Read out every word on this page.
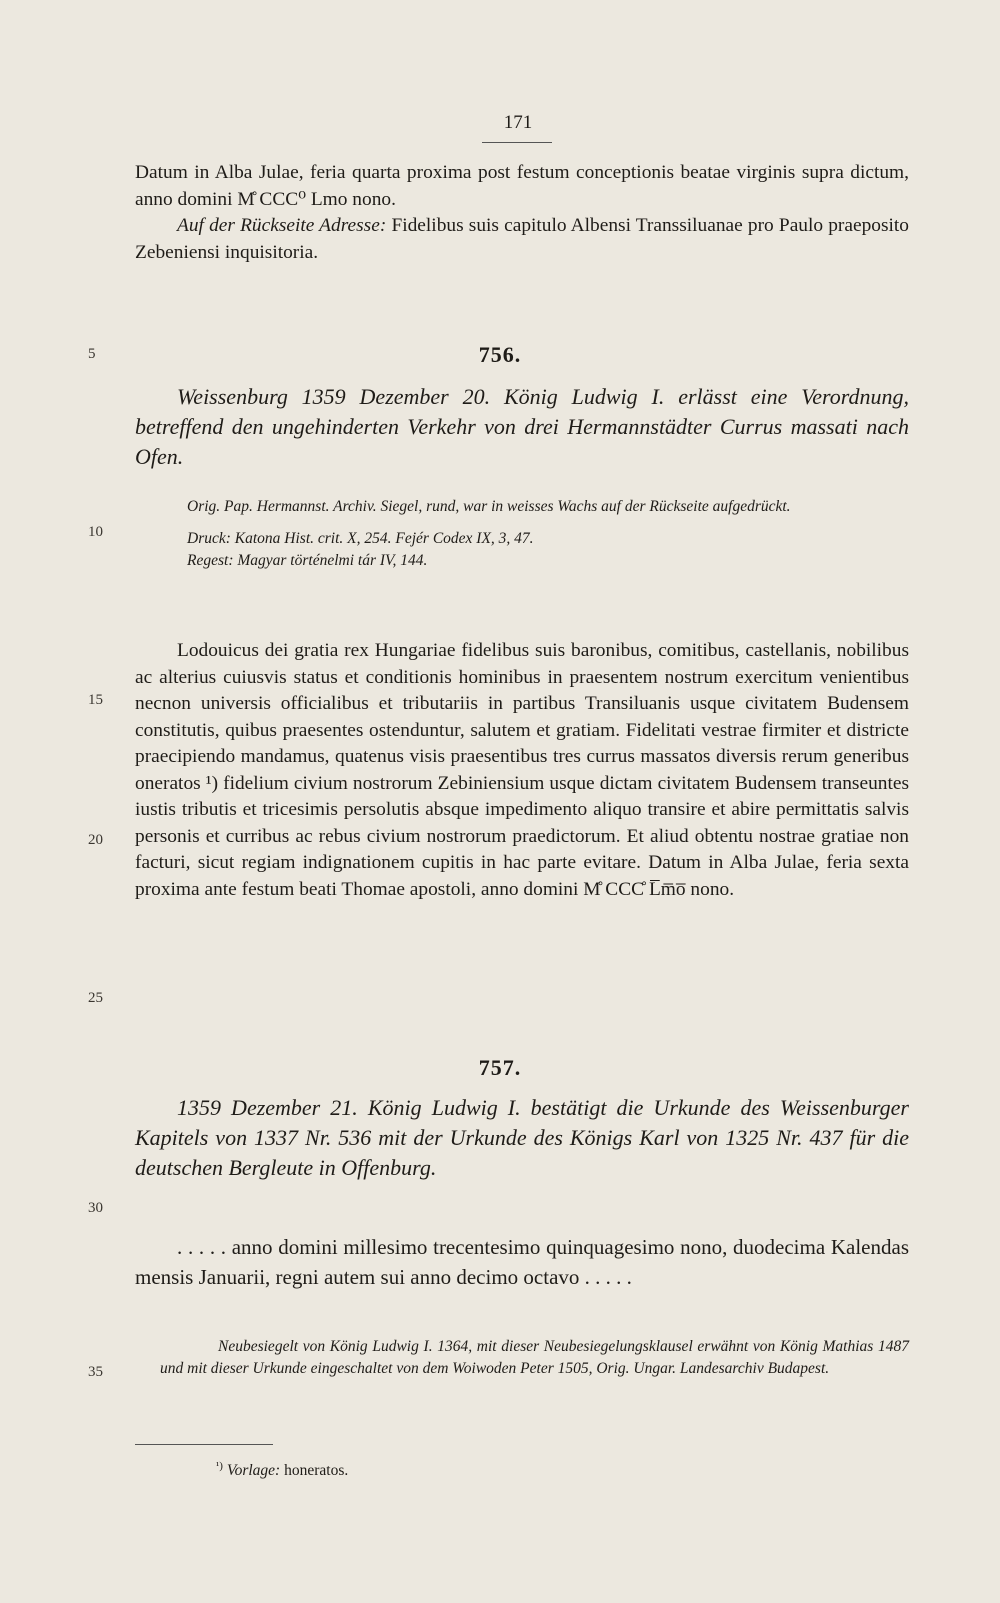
171

Datum in Alba Julae, feria quarta proxima post festum conceptionis beatae virginis supra dictum, anno domini M̊ CCC⁰ Lmo nono.

Auf der Rückseite Adresse: Fidelibus suis capitulo Albensi Transsiluanae pro Paulo praeposito Zebeniensi inquisitoria.

756.

Weissenburg 1359 Dezember 20. König Ludwig I. erlässt eine Verordnung, betreffend den ungehinderten Verkehr von drei Hermannstädter Currus massati nach Ofen.

Orig. Pap. Hermannst. Archiv. Siegel, rund, war in weisses Wachs auf der Rückseite aufgedrückt.

Druck: Katona Hist. crit. X, 254. Fejér Codex IX, 3, 47.

Regest: Magyar történelmi tár IV, 144.

Lodouicus dei gratia rex Hungariae fidelibus suis baronibus, comitibus, castellanis, nobilibus ac alterius cuiusvis status et conditionis hominibus in praesentem nostrum exercitum venientibus necnon universis officialibus et tributariis in partibus Transiluanis usque civitatem Budensem constitutis, quibus praesentes ostenduntur, salutem et gratiam. Fidelitati vestrae firmiter et districte praecipiendo mandamus, quatenus visis praesentibus tres currus massatos diversis rerum generibus oneratos ¹) fidelium civium nostrorum Zebiniensium usque dictam civitatem Budensem transeuntes iustis tributis et tricesimis persolutis absque impedimento aliquo transire et abire permittatis salvis personis et curribus ac rebus civium nostrorum praedictorum. Et aliud obtentu nostrae gratiae non facturi, sicut regiam indignationem cupitis in hac parte evitare. Datum in Alba Julae, feria sexta proxima ante festum beati Thomae apostoli, anno domini M̊ CCC̊ L̅m̅o̅ nono.

757.

1359 Dezember 21. König Ludwig I. bestätigt die Urkunde des Weissenburger Kapitels von 1337 Nr. 536 mit der Urkunde des Königs Karl von 1325 Nr. 437 für die deutschen Bergleute in Offenburg.

. . . . . anno domini millesimo trecentesimo quinquagesimo nono, duodecima Kalendas mensis Januarii, regni autem sui anno decimo octavo . . . . .

Neubesiegelt von König Ludwig I. 1364, mit dieser Neubesiegelungsklausel erwähnt von König Mathias 1487 und mit dieser Urkunde eingeschaltet von dem Woiwoden Peter 1505, Orig. Ungar. Landesarchiv Budapest.

5
10
15
20
25
30
35
$^{^1)}$ Vorlage: honeratos.
